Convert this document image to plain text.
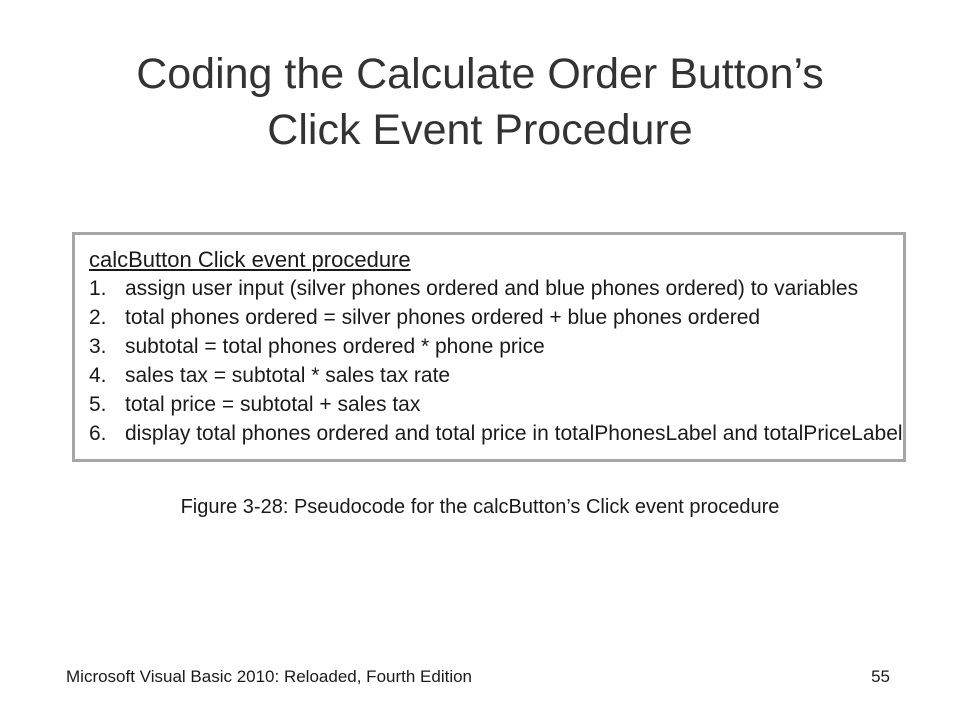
Coding the Calculate Order Button’s
Click Event Procedure
calcButton Click event procedure
1. assign user input (silver phones ordered and blue phones ordered) to variables
2. total phones ordered = silver phones ordered + blue phones ordered
3. subtotal = total phones ordered * phone price
4. sales tax = subtotal * sales tax rate
5. total price = subtotal + sales tax
6. display total phones ordered and total price in totalPhonesLabel and totalPriceLabel
Figure 3-28: Pseudocode for the calcButton’s Click event procedure
Microsoft Visual Basic 2010: Reloaded, Fourth Edition	55
